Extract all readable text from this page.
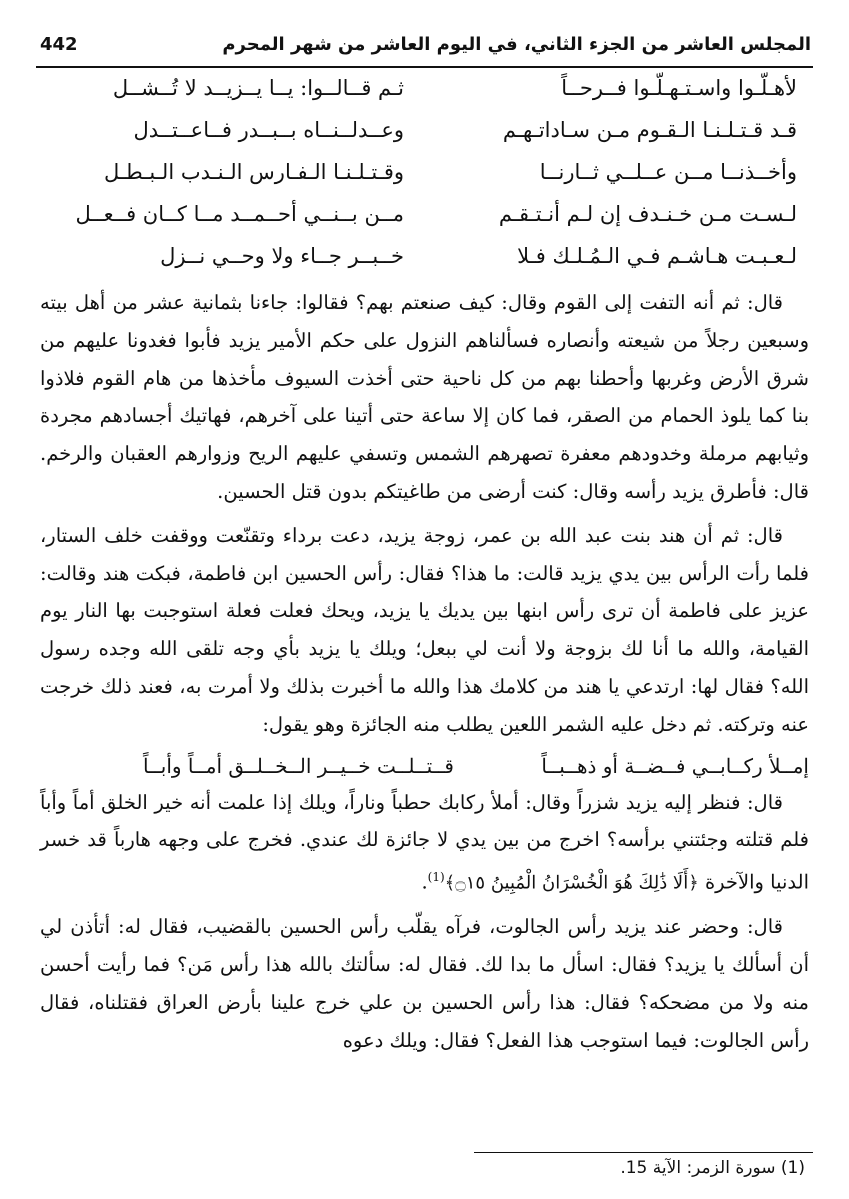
المجلس العاشر من الجزء الثاني، في اليوم العاشر من شهر المحرم
442
لأهـلّـوا واسـتـهـلّـوا فــرحــاً
ثـم قــالــوا: يــا يــزيــد لا تُــشــل
قـد قـتـلـنـا الـقـوم مـن سـاداتـهـم
وعــدلــنــاه بــبــدر فــاعــتــدل
وأخــذنــا مــن عــلــي ثــارنــا
وقـتـلـنـا الـفـارس الـنـدب الـبـطـل
لـسـت مـن خـنـدف إن لـم أنـتـقـم
مــن بــنــي أحــمــد مــا كــان فــعــل
لـعـبـت هـاشـم فـي الـمُـلـك فـلا
خــبــر جــاء ولا وحــي نــزل

قال: ثم أنه التفت إلى القوم وقال: كيف صنعتم بهم؟ فقالوا: جاءنا بثمانية عشر من أهل بيته وسبعين رجلاً من شيعته وأنصاره فسألناهم النزول على حكم الأمير يزيد فأبوا فغدونا عليهم من شرق الأرض وغربها وأحطنا بهم من كل ناحية حتى أخذت السيوف مأخذها من هام القوم فلاذوا بنا كما يلوذ الحمام من الصقر، فما كان إلا ساعة حتى أتينا على آخرهم، فهاتيك أجسادهم مجردة وثيابهم مرملة وخدودهم معفرة تصهرهم الشمس وتسفي عليهم الريح وزوارهم العقبان والرخم. قال: فأطرق يزيد رأسه وقال: كنت أرضى من طاغيتكم بدون قتل الحسين.

قال: ثم أن هند بنت عبد الله بن عمر، زوجة يزيد، دعت برداء وتقنّعت ووقفت خلف الستار، فلما رأت الرأس بين يدي يزيد قالت: ما هذا؟ فقال: رأس الحسين ابن فاطمة، فبكت هند وقالت: عزيز على فاطمة أن ترى رأس ابنها بين يديك يا يزيد، ويحك فعلت فعلة استوجبت بها النار يوم القيامة، والله ما أنا لك بزوجة ولا أنت لي ببعل؛ ويلك يا يزيد بأي وجه تلقى الله وجده رسول الله؟ فقال لها: ارتدعي يا هند من كلامك هذا والله ما أخبرت بذلك ولا أمرت به، فعند ذلك خرجت عنه وتركته. ثم دخل عليه الشمر اللعين يطلب منه الجائزة وهو يقول:

إمــلأ ركــابــي فــضــة أو ذهــبــاً
قــتــلــت خــيــر الــخــلــق أمــاً وأبــاً

قال: فنظر إليه يزيد شزراً وقال: أملأ ركابك حطباً وناراً، ويلك إذا علمت أنه خير الخلق أماً وأباً فلم قتلته وجئتني برأسه؟ اخرج من بين يدي لا جائزة لك عندي. فخرج على وجهه هارباً قد خسر الدنيا والآخرة ﴿أَلَا ذَٰلِكَ هُوَ الْخُسْرَانُ الْمُبِينُ ۝١٥﴾$^{(1)}$.

قال: وحضر عند يزيد رأس الجالوت، فرآه يقلّب رأس الحسين بالقضيب، فقال له: أتأذن لي أن أسألك يا يزيد؟ فقال: اسأل ما بدا لك. فقال له: سألتك بالله هذا رأس مَن؟ فما رأيت أحسن منه ولا من مضحكه؟ فقال: هذا رأس الحسين بن علي خرج علينا بأرض العراق فقتلناه، فقال رأس الجالوت: فيما استوجب هذا الفعل؟ فقال: ويلك دعوه

(1) سورة الزمر: الآية 15.
